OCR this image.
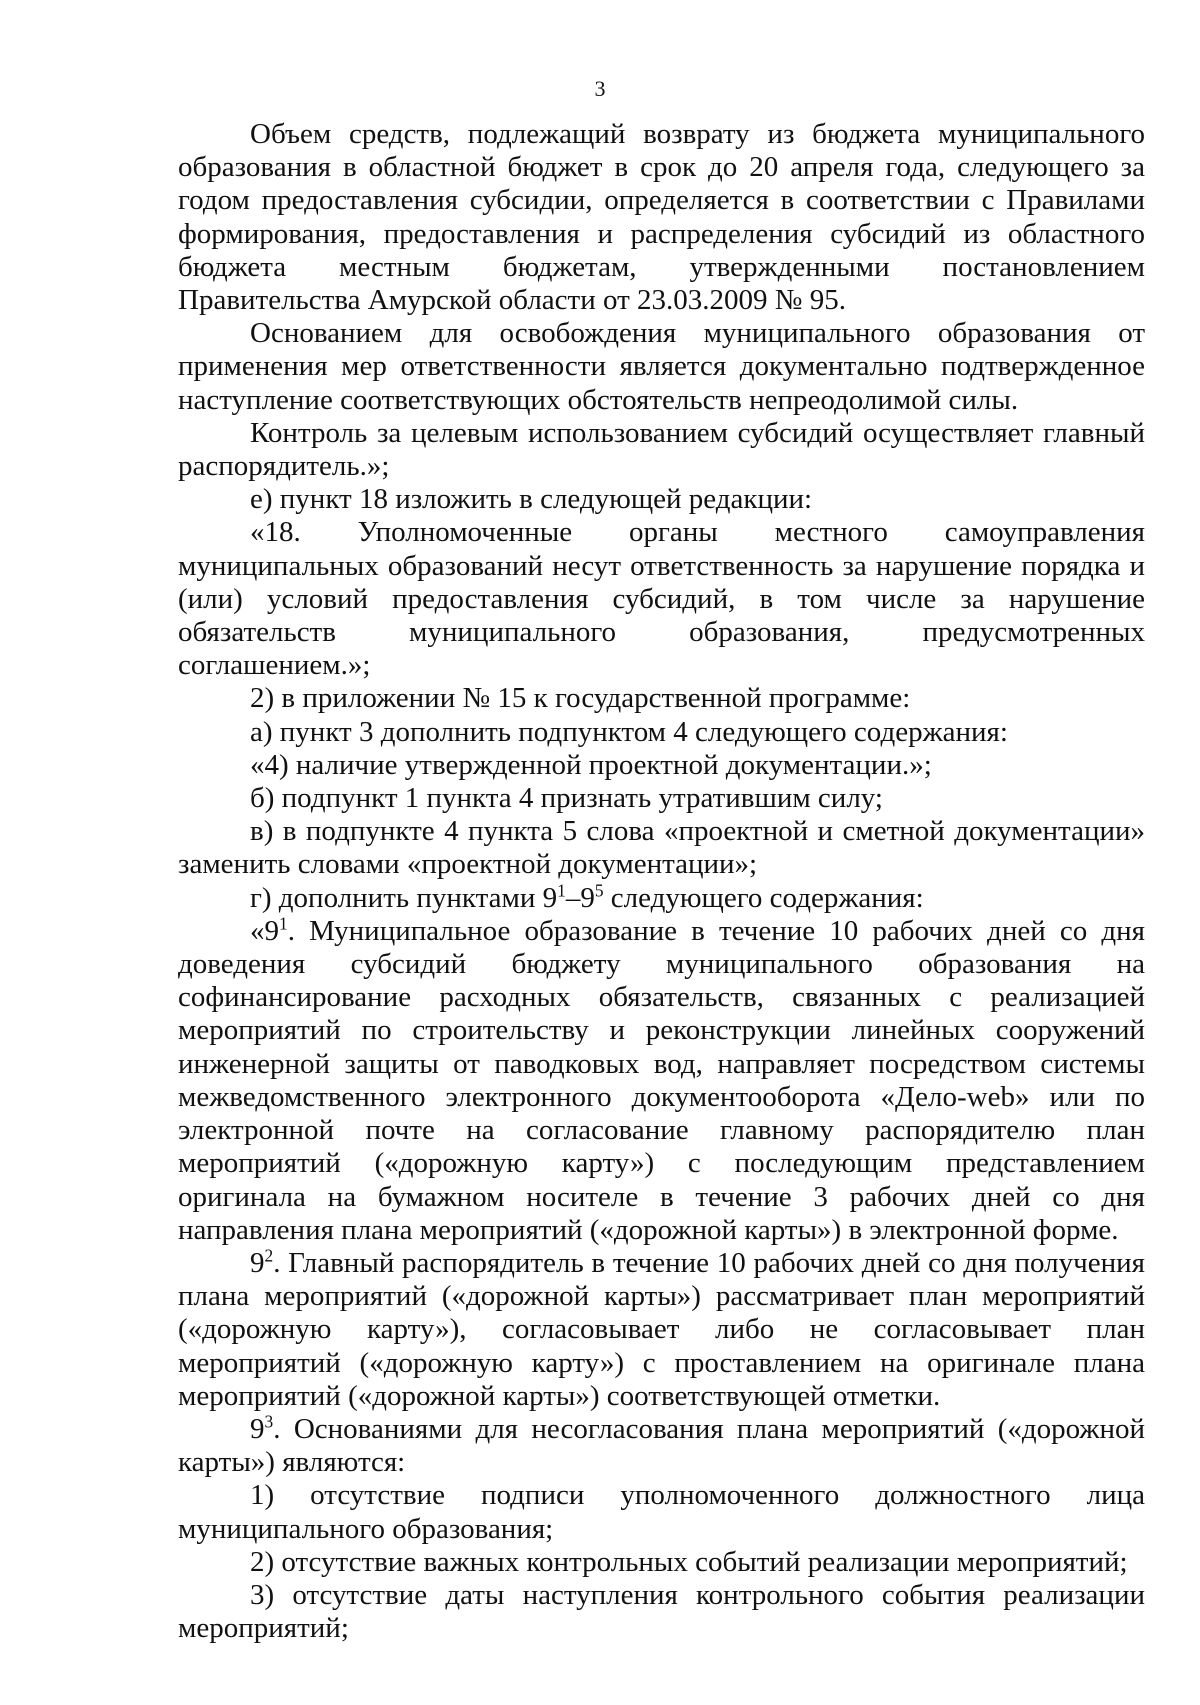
3

Объем средств, подлежащий возврату из бюджета муниципального образования в областной бюджет в срок до 20 апреля года, следующего за годом предоставления субсидии, определяется в соответствии с Правилами формирования, предоставления и распределения субсидий из областного бюджета местным бюджетам, утвержденными постановлением Правительства Амурской области от 23.03.2009 № 95.

Основанием для освобождения муниципального образования от применения мер ответственности является документально подтвержденное наступление соответствующих обстоятельств непреодолимой силы.

Контроль за целевым использованием субсидий осуществляет главный распорядитель.»;

е) пункт 18 изложить в следующей редакции:

«18. Уполномоченные органы местного самоуправления муниципальных образований несут ответственность за нарушение порядка и (или) условий предоставления субсидий, в том числе за нарушение обязательств муниципального образования, предусмотренных соглашением.»;

2) в приложении № 15 к государственной программе:

а) пункт 3 дополнить подпунктом 4 следующего содержания:

«4) наличие утвержденной проектной документации.»;

б) подпункт 1 пункта 4 признать утратившим силу;

в) в подпункте 4 пункта 5 слова «проектной и сметной документации» заменить словами «проектной документации»;

г) дополнить пунктами $9^1-9^5$ следующего содержания:

«$9^1$. Муниципальное образование в течение 10 рабочих дней со дня доведения субсидий бюджету муниципального образования на софинансирование расходных обязательств, связанных с реализацией мероприятий по строительству и реконструкции линейных сооружений инженерной защиты от паводковых вод, направляет посредством системы межведомственного электронного документооборота «Дело-web» или по электронной почте на согласование главному распорядителю план мероприятий («дорожную карту») с последующим представлением оригинала на бумажном носителе в течение 3 рабочих дней со дня направления плана мероприятий («дорожной карты») в электронной форме.

$9^2$. Главный распорядитель в течение 10 рабочих дней со дня получения плана мероприятий («дорожной карты») рассматривает план мероприятий («дорожную карту»), согласовывает либо не согласовывает план мероприятий («дорожную карту») с проставлением на оригинале плана мероприятий («дорожной карты») соответствующей отметки.

$9^3$. Основаниями для несогласования плана мероприятий («дорожной карты») являются:

1) отсутствие подписи уполномоченного должностного лица муниципального образования;

2) отсутствие важных контрольных событий реализации мероприятий;

3) отсутствие даты наступления контрольного события реализации мероприятий;
